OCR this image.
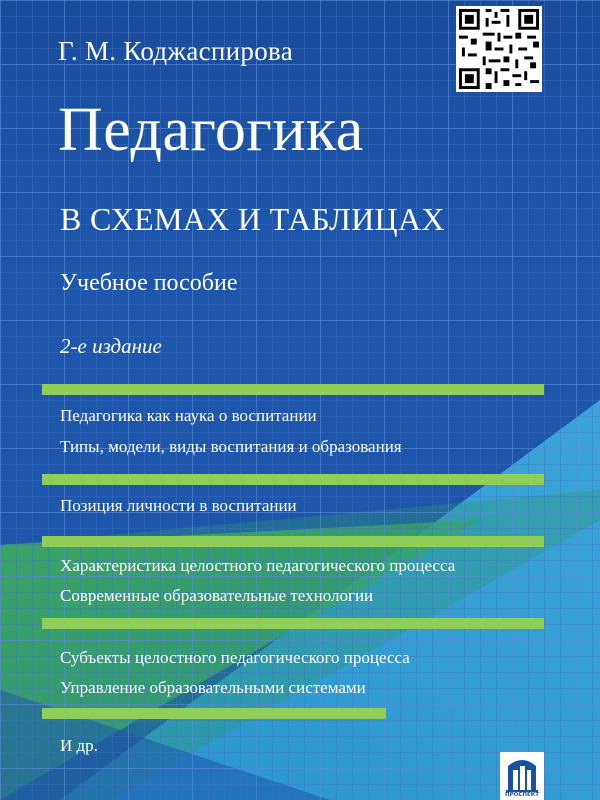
Г. М. Коджаспирова
Педагогика
В СХЕМАХ И ТАБЛИЦАХ
Учебное пособие
2-е издание
Педагогика как наука о воспитании
Типы, модели, виды воспитания и образования
Позиция личности в воспитании
Характеристика целостного педагогического процесса
Современные образовательные технологии
Субъекты целостного педагогического процесса
Управление образовательными системами
И др.
ПРОСПЕКТ
